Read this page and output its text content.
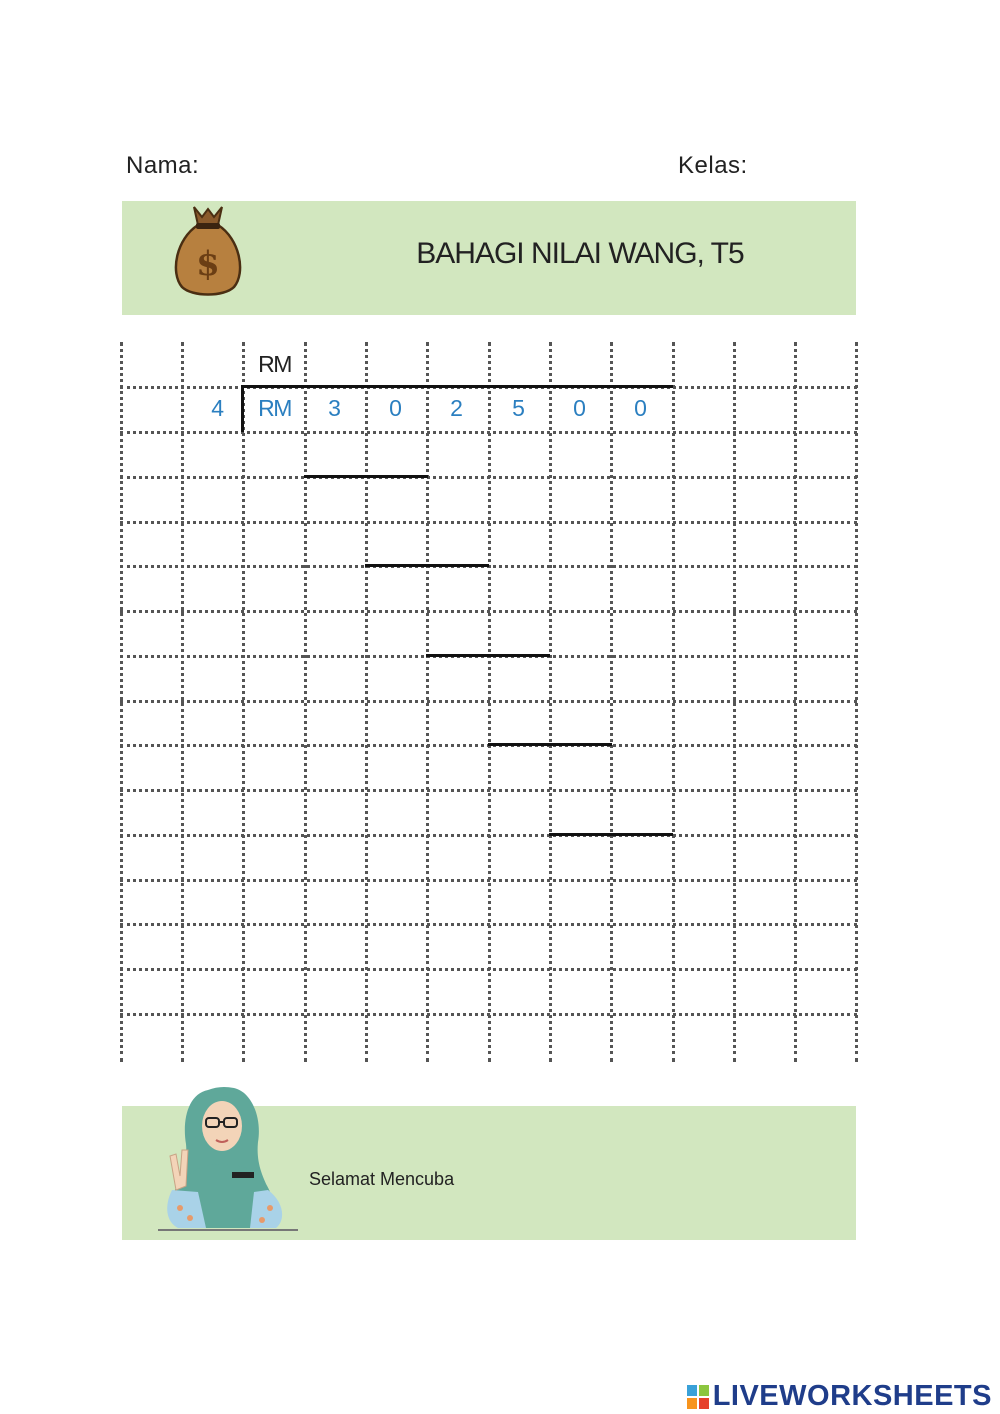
Nama:	Kelas:
$	BAHAGI NILAI WANG, T5
RM
4	RM	3	0	2	5	0	0
Selamat Mencuba
LIVEWORKSHEETS
